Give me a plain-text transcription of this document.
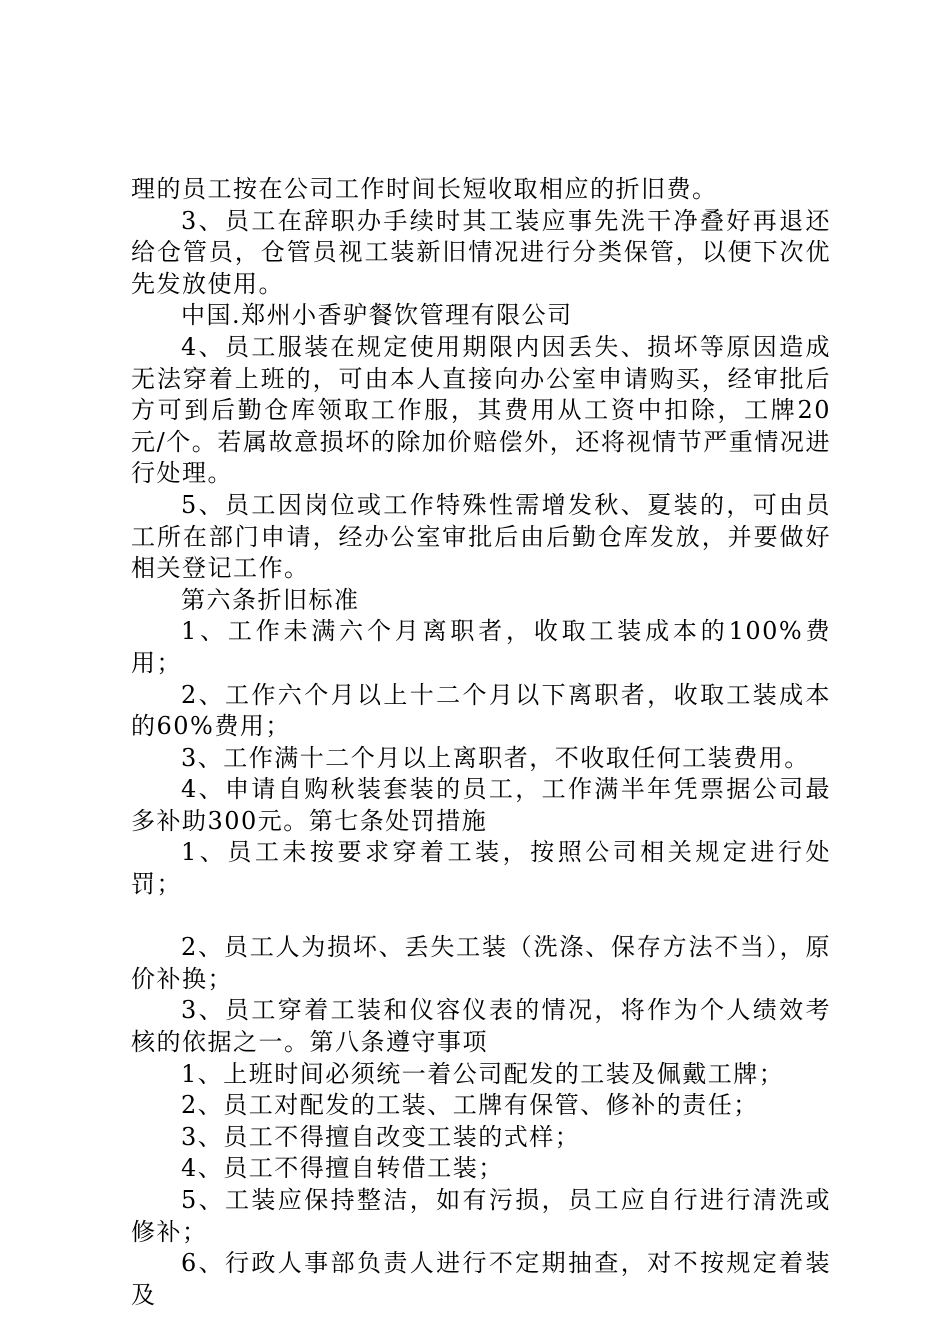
理的员工按在公司工作时间长短收取相应的折旧费。

3、员工在辞职办手续时其工装应事先洗干净叠好再退还给仓管员，仓管员视工装新旧情况进行分类保管，以便下次优先发放使用。

中国.郑州小香驴餐饮管理有限公司

4、员工服装在规定使用期限内因丢失、损坏等原因造成无法穿着上班的，可由本人直接向办公室申请购买，经审批后方可到后勤仓库领取工作服，其费用从工资中扣除，工牌20元/个。若属故意损坏的除加价赔偿外，还将视情节严重情况进行处理。

5、员工因岗位或工作特殊性需增发秋、夏装的，可由员工所在部门申请，经办公室审批后由后勤仓库发放，并要做好相关登记工作。

第六条折旧标准

1、工作未满六个月离职者，收取工装成本的100%费用；

2、工作六个月以上十二个月以下离职者，收取工装成本的60%费用；

3、工作满十二个月以上离职者，不收取任何工装费用。

4、申请自购秋装套装的员工，工作满半年凭票据公司最多补助300元。第七条处罚措施

1、员工未按要求穿着工装，按照公司相关规定进行处罚；

2、员工人为损坏、丢失工装（洗涤、保存方法不当），原价补换；

3、员工穿着工装和仪容仪表的情况，将作为个人绩效考核的依据之一。第八条遵守事项

1、上班时间必须统一着公司配发的工装及佩戴工牌；

2、员工对配发的工装、工牌有保管、修补的责任；

3、员工不得擅自改变工装的式样；

4、员工不得擅自转借工装；

5、工装应保持整洁，如有污损，员工应自行进行清洗或修补；

6、行政人事部负责人进行不定期抽查，对不按规定着装及
